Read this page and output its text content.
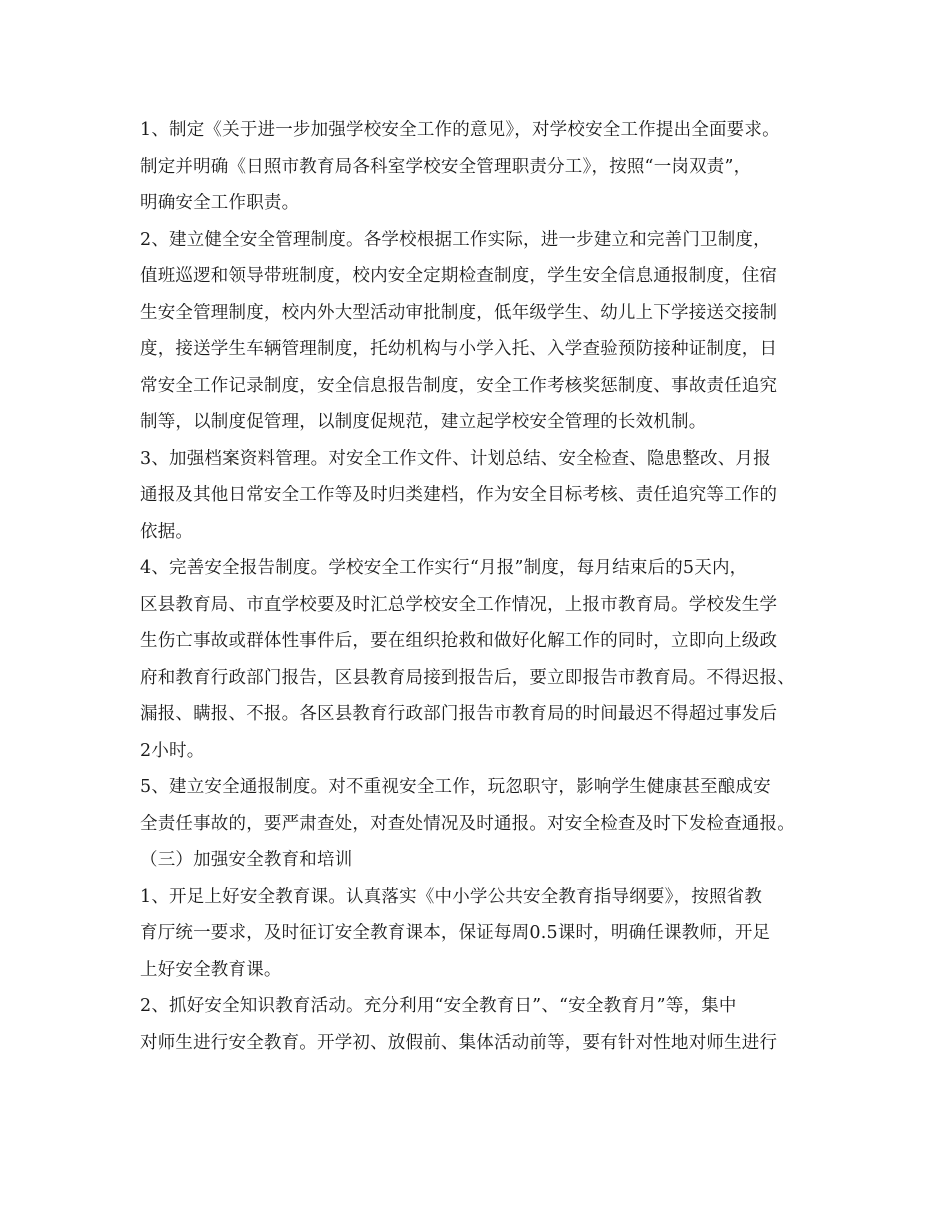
1、制定《关于进一步加强学校安全工作的意见》，对学校安全工作提出全面要求。
制定并明确《日照市教育局各科室学校安全管理职责分工》，按照“一岗双责”，
明确安全工作职责。
2、建立健全安全管理制度。各学校根据工作实际，进一步建立和完善门卫制度，
值班巡逻和领导带班制度，校内安全定期检查制度，学生安全信息通报制度，住宿
生安全管理制度，校内外大型活动审批制度，低年级学生、幼儿上下学接送交接制
度，接送学生车辆管理制度，托幼机构与小学入托、入学查验预防接种证制度，日
常安全工作记录制度，安全信息报告制度，安全工作考核奖惩制度、事故责任追究
制等，以制度促管理，以制度促规范，建立起学校安全管理的长效机制。
3、加强档案资料管理。对安全工作文件、计划总结、安全检查、隐患整改、月报
通报及其他日常安全工作等及时归类建档，作为安全目标考核、责任追究等工作的
依据。
4、完善安全报告制度。学校安全工作实行“月报”制度，每月结束后的5天内，
区县教育局、市直学校要及时汇总学校安全工作情况，上报市教育局。学校发生学
生伤亡事故或群体性事件后，要在组织抢救和做好化解工作的同时，立即向上级政
府和教育行政部门报告，区县教育局接到报告后，要立即报告市教育局。不得迟报、
漏报、瞒报、不报。各区县教育行政部门报告市教育局的时间最迟不得超过事发后
2小时。
5、建立安全通报制度。对不重视安全工作，玩忽职守，影响学生健康甚至酿成安
全责任事故的，要严肃查处，对查处情况及时通报。对安全检查及时下发检查通报。
（三）加强安全教育和培训
1、开足上好安全教育课。认真落实《中小学公共安全教育指导纲要》，按照省教
育厅统一要求，及时征订安全教育课本，保证每周0.5课时，明确任课教师，开足
上好安全教育课。
2、抓好安全知识教育活动。充分利用“安全教育日”、“安全教育月”等，集中
对师生进行安全教育。开学初、放假前、集体活动前等，要有针对性地对师生进行
